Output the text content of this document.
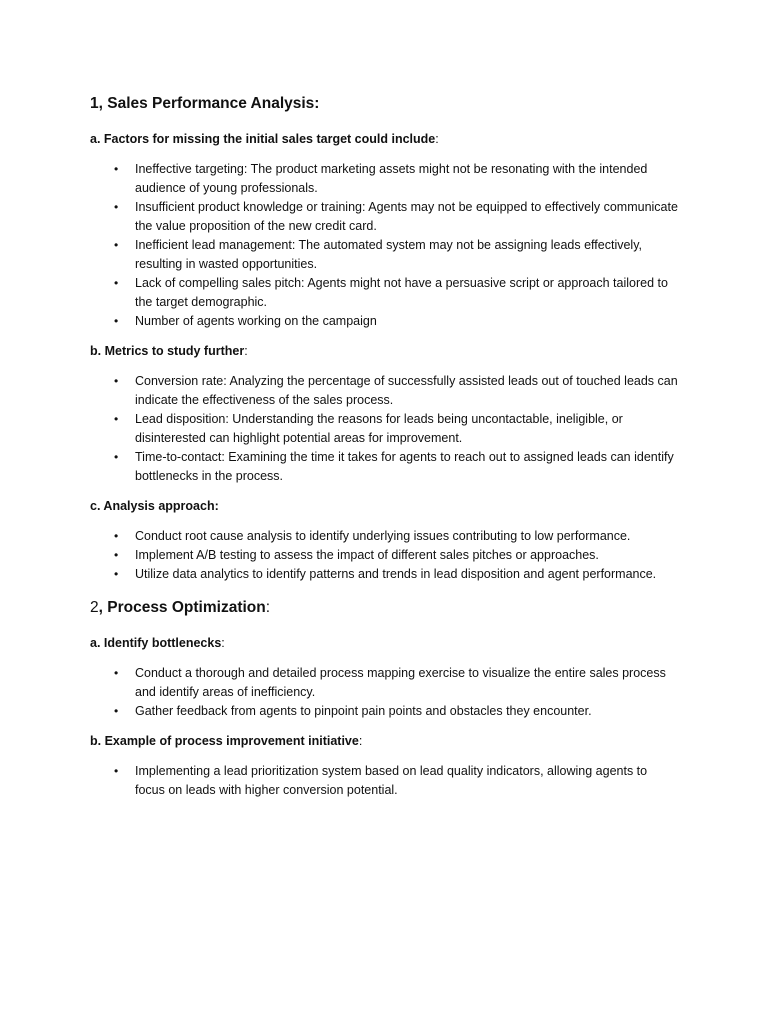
1, Sales Performance Analysis:
a. Factors for missing the initial sales target could include:
• Ineffective targeting: The product marketing assets might not be resonating with the intended audience of young professionals.
• Insufficient product knowledge or training: Agents may not be equipped to effectively communicate the value proposition of the new credit card.
• Inefficient lead management: The automated system may not be assigning leads effectively, resulting in wasted opportunities.
• Lack of compelling sales pitch: Agents might not have a persuasive script or approach tailored to the target demographic.
• Number of agents working on the campaign
b. Metrics to study further:
• Conversion rate: Analyzing the percentage of successfully assisted leads out of touched leads can indicate the effectiveness of the sales process.
• Lead disposition: Understanding the reasons for leads being uncontactable, ineligible, or disinterested can highlight potential areas for improvement.
• Time-to-contact: Examining the time it takes for agents to reach out to assigned leads can identify bottlenecks in the process.
c. Analysis approach:
• Conduct root cause analysis to identify underlying issues contributing to low performance.
• Implement A/B testing to assess the impact of different sales pitches or approaches.
• Utilize data analytics to identify patterns and trends in lead disposition and agent performance.
2, Process Optimization:
a. Identify bottlenecks:
• Conduct a thorough and detailed process mapping exercise to visualize the entire sales process and identify areas of inefficiency.
• Gather feedback from agents to pinpoint pain points and obstacles they encounter.
b. Example of process improvement initiative:
• Implementing a lead prioritization system based on lead quality indicators, allowing agents to focus on leads with higher conversion potential.
